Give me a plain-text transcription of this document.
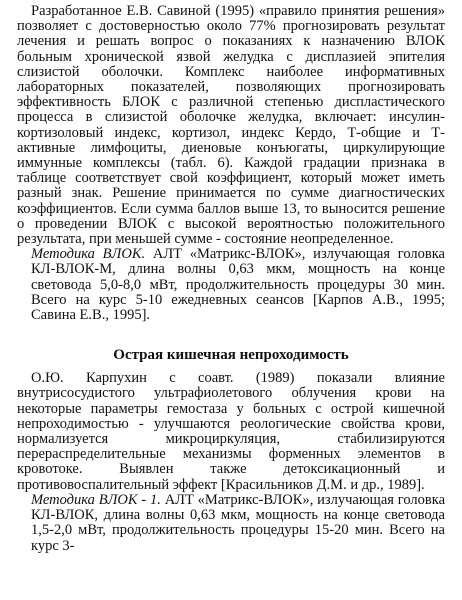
Разработанное Е.В. Савиной (1995) «правило принятия решения» позволяет с достоверностью около 77% прогнозировать результат лечения и решать вопрос о показаниях к назначению ВЛОК больным хронической язвой желудка с дисплазией эпителия слизистой оболочки. Комплекс наиболее информативных лабораторных показателей, позволяющих прогнозировать эффективность БЛОК с различной степенью диспластического процесса в слизистой оболочке желудка, включает: инсулин-кортизоловый индекс, кортизол, индекс Кердо, Т-общие и Т-активные лимфоциты, диеновые конъюгаты, циркулирующие иммунные комплексы (табл. 6). Каждой градации признака в таблице соответствует свой коэффициент, который может иметь разный знак. Решение принимается по сумме диагностических коэффициентов. Если сумма баллов выше 13, то выносится решение о проведении ВЛОК с высокой вероятностью положительного результата, при меньшей сумме - состояние неопределенное.

Методика ВЛОК. АЛТ «Матрикс-ВЛОК», излучающая головка КЛ-ВЛОК-М, длина волны 0,63 мкм, мощность на конце световода 5,0-8,0 мВт, продолжительность процедуры 30 мин. Всего на курс 5-10 ежедневных сеансов [Карпов А.В., 1995; Савина Е.В., 1995].

Острая кишечная непроходимость

О.Ю. Карпухин с соавт. (1989) показали влияние внутрисосудистого ультрафиолетового облучения крови на некоторые параметры гемостаза у больных с острой кишечной непроходимостью - улучшаются реологические свойства крови, нормализуется микроциркуляция, стабилизируются перераспределительные механизмы форменных элементов в кровотоке. Выявлен также детоксикационный и противовоспалительный эффект [Красильников Д.М. и др., 1989].

Методика ВЛОК - 1. АЛТ «Матрикс-ВЛОК», излучающая головка КЛ-ВЛОК, длина волны 0,63 мкм, мощность на конце световода 1,5-2,0 мВт, продолжительность процедуры 15-20 мин. Всего на курс 3-
